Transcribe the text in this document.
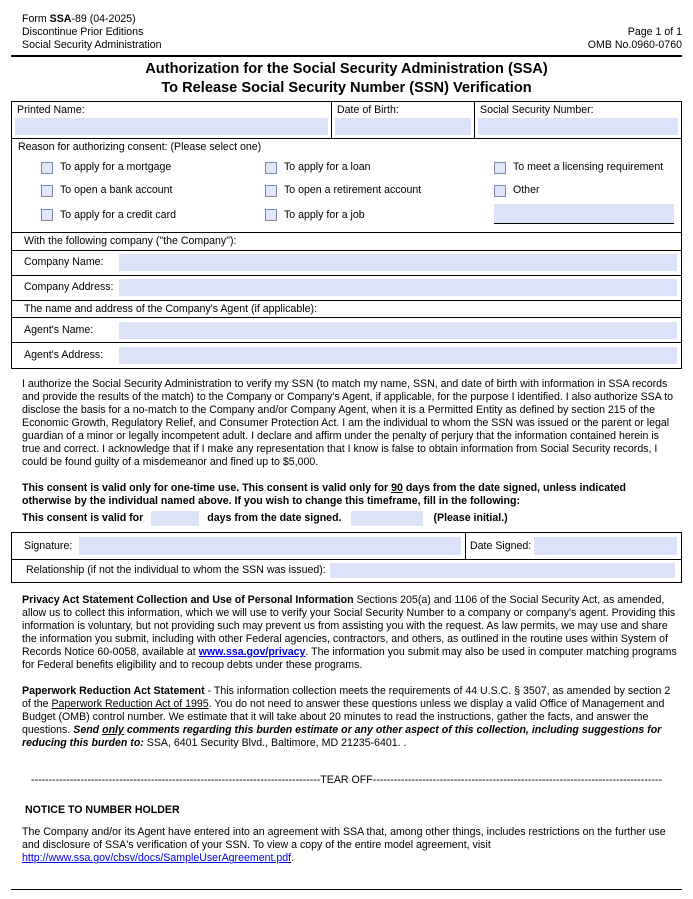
Form SSA-89 (04-2025)
Discontinue Prior Editions
Social Security Administration
Page 1 of 1
OMB No.0960-0760
Authorization for the Social Security Administration (SSA)
To Release Social Security Number (SSN) Verification
Printed Name:	Date of Birth:	Social Security Number:
Reason for authorizing consent: (Please select one)
To apply for a mortgage	To apply for a loan	To meet a licensing requirement
To open a bank account	To open a retirement account	Other
To apply for a credit card	To apply for a job
With the following company ("the Company"):
Company Name:
Company Address:
The name and address of the Company's Agent (if applicable):
Agent's Name:
Agent's Address:

I authorize the Social Security Administration to verify my SSN (to match my name, SSN, and date of birth with information in SSA records and provide the results of the match) to the Company or Company's Agent, if applicable, for the purpose I identified. I also authorize SSA to disclose the basis for a no-match to the Company and/or Company Agent, when it is a Permitted Entity as defined by section 215 of the Economic Growth, Regulatory Relief, and Consumer Protection Act. I am the individual to whom the SSN was issued or the parent or legal guardian of a minor or legally incompetent adult. I declare and affirm under the penalty of perjury that the information contained herein is true and correct. I acknowledge that if I make any representation that I know is false to obtain information from Social Security records, I could be found guilty of a misdemeanor and fined up to $5,000.

This consent is valid only for one-time use. This consent is valid only for 90 days from the date signed, unless indicated otherwise by the individual named above. If you wish to change this timeframe, fill in the following:

This consent is valid for	days from the date signed.	(Please initial.)
Signature:	Date Signed:
Relationship (if not the individual to whom the SSN was issued):

Privacy Act Statement Collection and Use of Personal Information Sections 205(a) and 1106 of the Social Security Act, as amended, allow us to collect this information, which we will use to verify your Social Security Number to a company or company's agent. Providing this information is voluntary, but not providing such may prevent us from assisting you with the request. As law permits, we may use and share the information you submit, including with other Federal agencies, contractors, and others, as outlined in the routine uses within System of Records Notice 60-0058, available at www.ssa.gov/privacy. The information you submit may also be used in computer matching programs for Federal benefits eligibility and to recoup debts under these programs.

Paperwork Reduction Act Statement - This information collection meets the requirements of 44 U.S.C. § 3507, as amended by section 2 of the Paperwork Reduction Act of 1995. You do not need to answer these questions unless we display a valid Office of Management and Budget (OMB) control number. We estimate that it will take about 20 minutes to read the instructions, gather the facts, and answer the questions. Send only comments regarding this burden estimate or any other aspect of this collection, including suggestions for reducing this burden to: SSA, 6401 Security Blvd., Baltimore, MD 21235-6401. .

---------------------------------------------------------------------------------- TEAR OFF ----------------------------------------------------------------------------------
NOTICE TO NUMBER HOLDER

The Company and/or its Agent have entered into an agreement with SSA that, among other things, includes restrictions on the further use and disclosure of SSA's verification of your SSN. To view a copy of the entire model agreement, visit http://www.ssa.gov/cbsv/docs/SampleUserAgreement.pdf.
